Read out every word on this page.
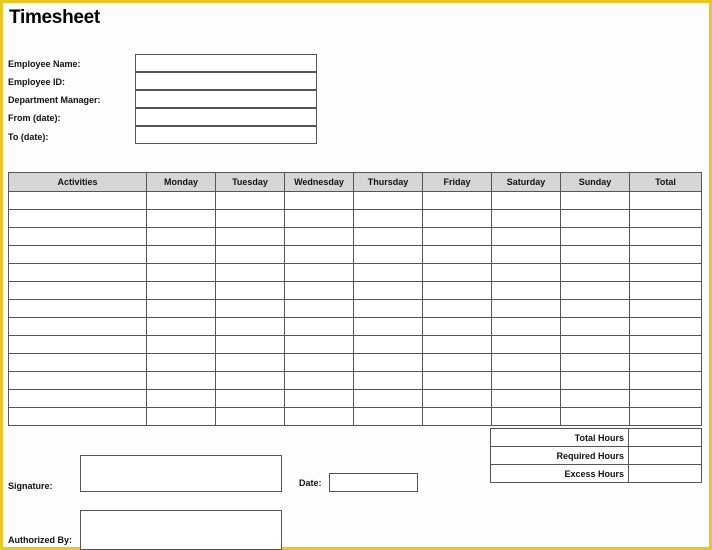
Timesheet
Employee Name:
Employee ID:
Department Manager:
From (date):
To (date):
Activities	Monday	Tuesday	Wednesday	Thursday	Friday	Saturday	Sunday	Total

Total Hours	
Required Hours	
Excess Hours	
Signature:	Date:
Authorized By:
